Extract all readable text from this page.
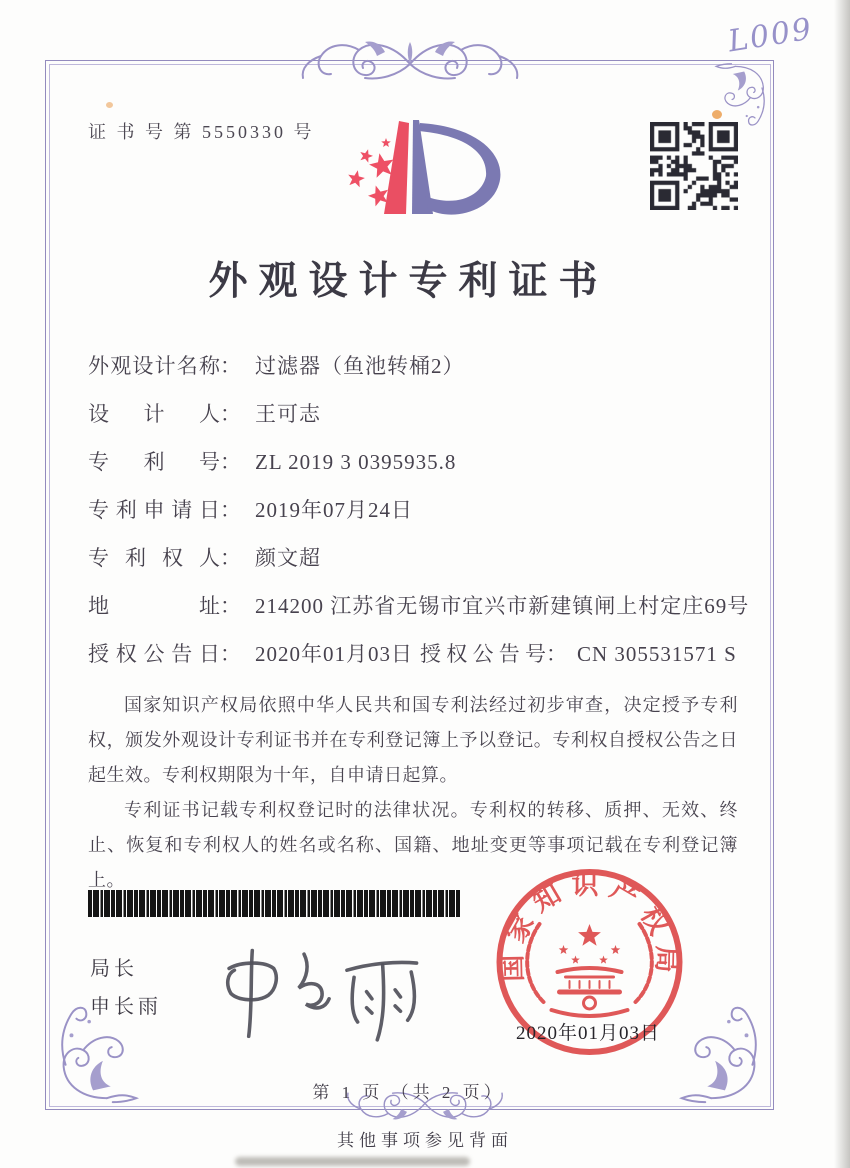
证 书 号 第 5550330 号
L009
外观设计专利证书
外观设计名称： 过滤器（鱼池转桶2）
设计人： 王可志
专利号： ZL 2019 3 0395935.8
专利申请日： 2019年07月24日
专利权人： 颜文超
地址： 214200 江苏省无锡市宜兴市新建镇闸上村定庄69号
授权公告日： 2020年01月03日 授权公告号： CN 305531571 S

国家知识产权局依照中华人民共和国专利法经过初步审查，决定授予专利权，颁发外观设计专利证书并在专利登记簿上予以登记。专利权自授权公告之日起生效。专利权期限为十年，自申请日起算。

专利证书记载专利权登记时的法律状况。专利权的转移、质押、无效、终止、恢复和专利权人的姓名或名称、国籍、地址变更等事项记载在专利登记簿上。

局长
申长雨
国家知识产权局
2020年01月03日
第 1 页 （共 2 页）
其他事项参见背面
